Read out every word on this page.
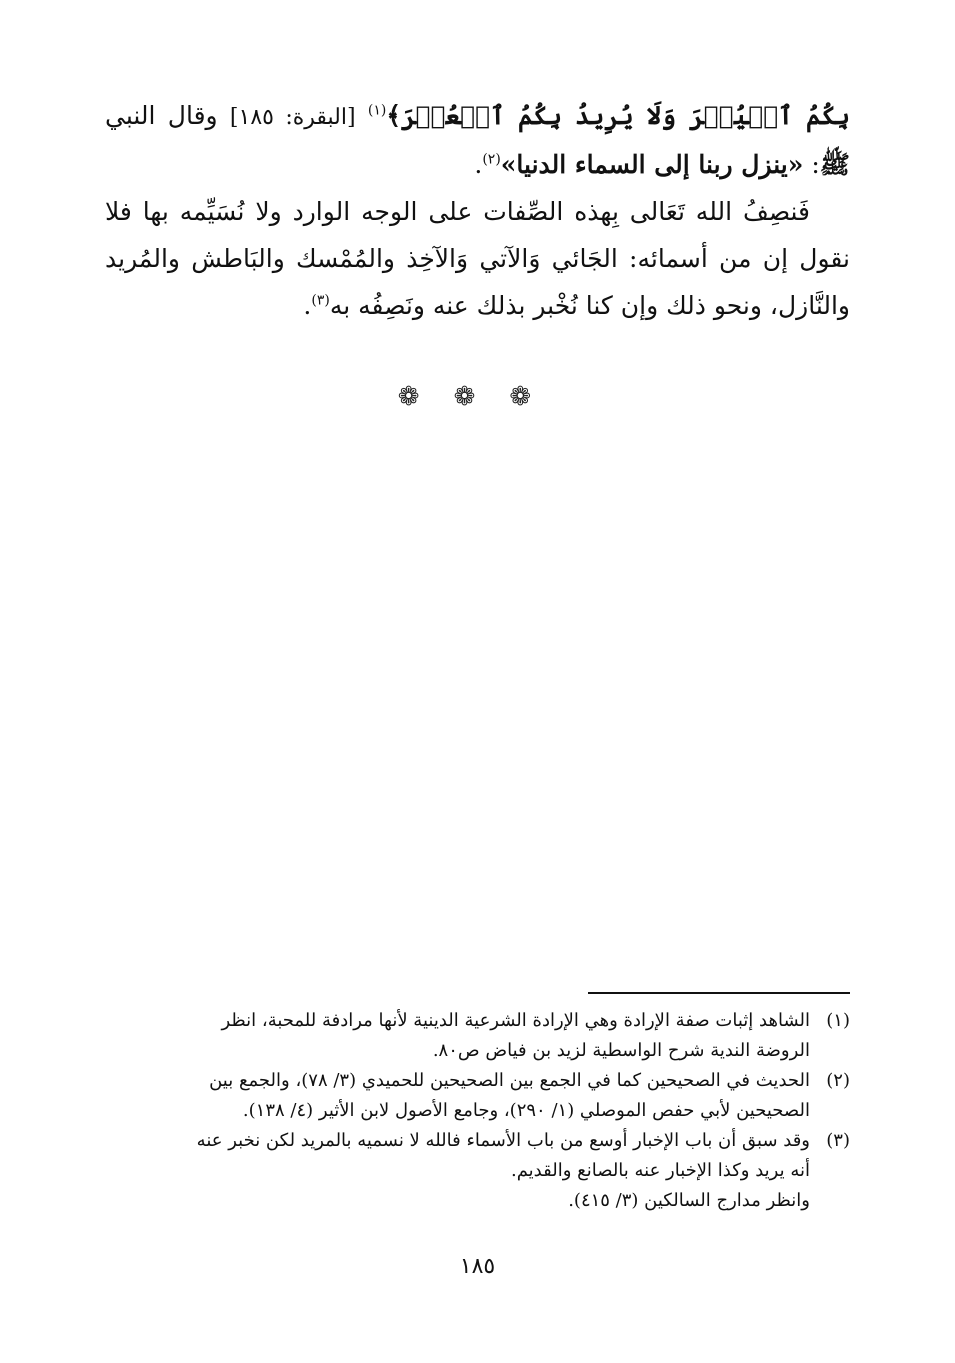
بِكُمُ ٱلۡيُسۡرَ وَلَا يُرِيدُ بِكُمُ ٱلۡعُسۡرَ﴾$^{(١)}$ [البقرة: ١٨٥] وقال النبي ﷺ: «ينزل ربنا إلى السماء الدنيا»$^{(٢)}$.

فَنصِفُ الله تَعَالى بِهذه الصِّفات على الوجه الوارد ولا نُسَيِّمه بها فلا نقول إن من أسمائه: الجَائي وَالآتي وَالآخِذ والمُمْسك والبَاطش والمُريد والنَّازل، ونحو ذلك وإن كنا نُخْبر بذلك عنه ونَصِفُه به$^{(٣)}$.

❁ ❁ ❁
(١)
الشاهد إثبات صفة الإرادة وهي الإرادة الشرعية الدينية لأنها مرادفة للمحبة، انظر
الروضة الندية شرح الواسطية لزيد بن فياض ص٨٠.
(٢)
الحديث في الصحيحين كما في الجمع بين الصحيحين للحميدي (٣/ ٧٨)، والجمع بين
الصحيحين لأبي حفص الموصلي (١/ ٢٩٠)، وجامع الأصول لابن الأثير (٤/ ١٣٨).
(٣)
وقد سبق أن باب الإخبار أوسع من باب الأسماء فالله لا نسميه بالمريد لكن نخبر عنه
أنه يريد وكذا الإخبار عنه بالصانع والقديم.
وانظر مدارج السالكين (٣/ ٤١٥).
١٨٥
